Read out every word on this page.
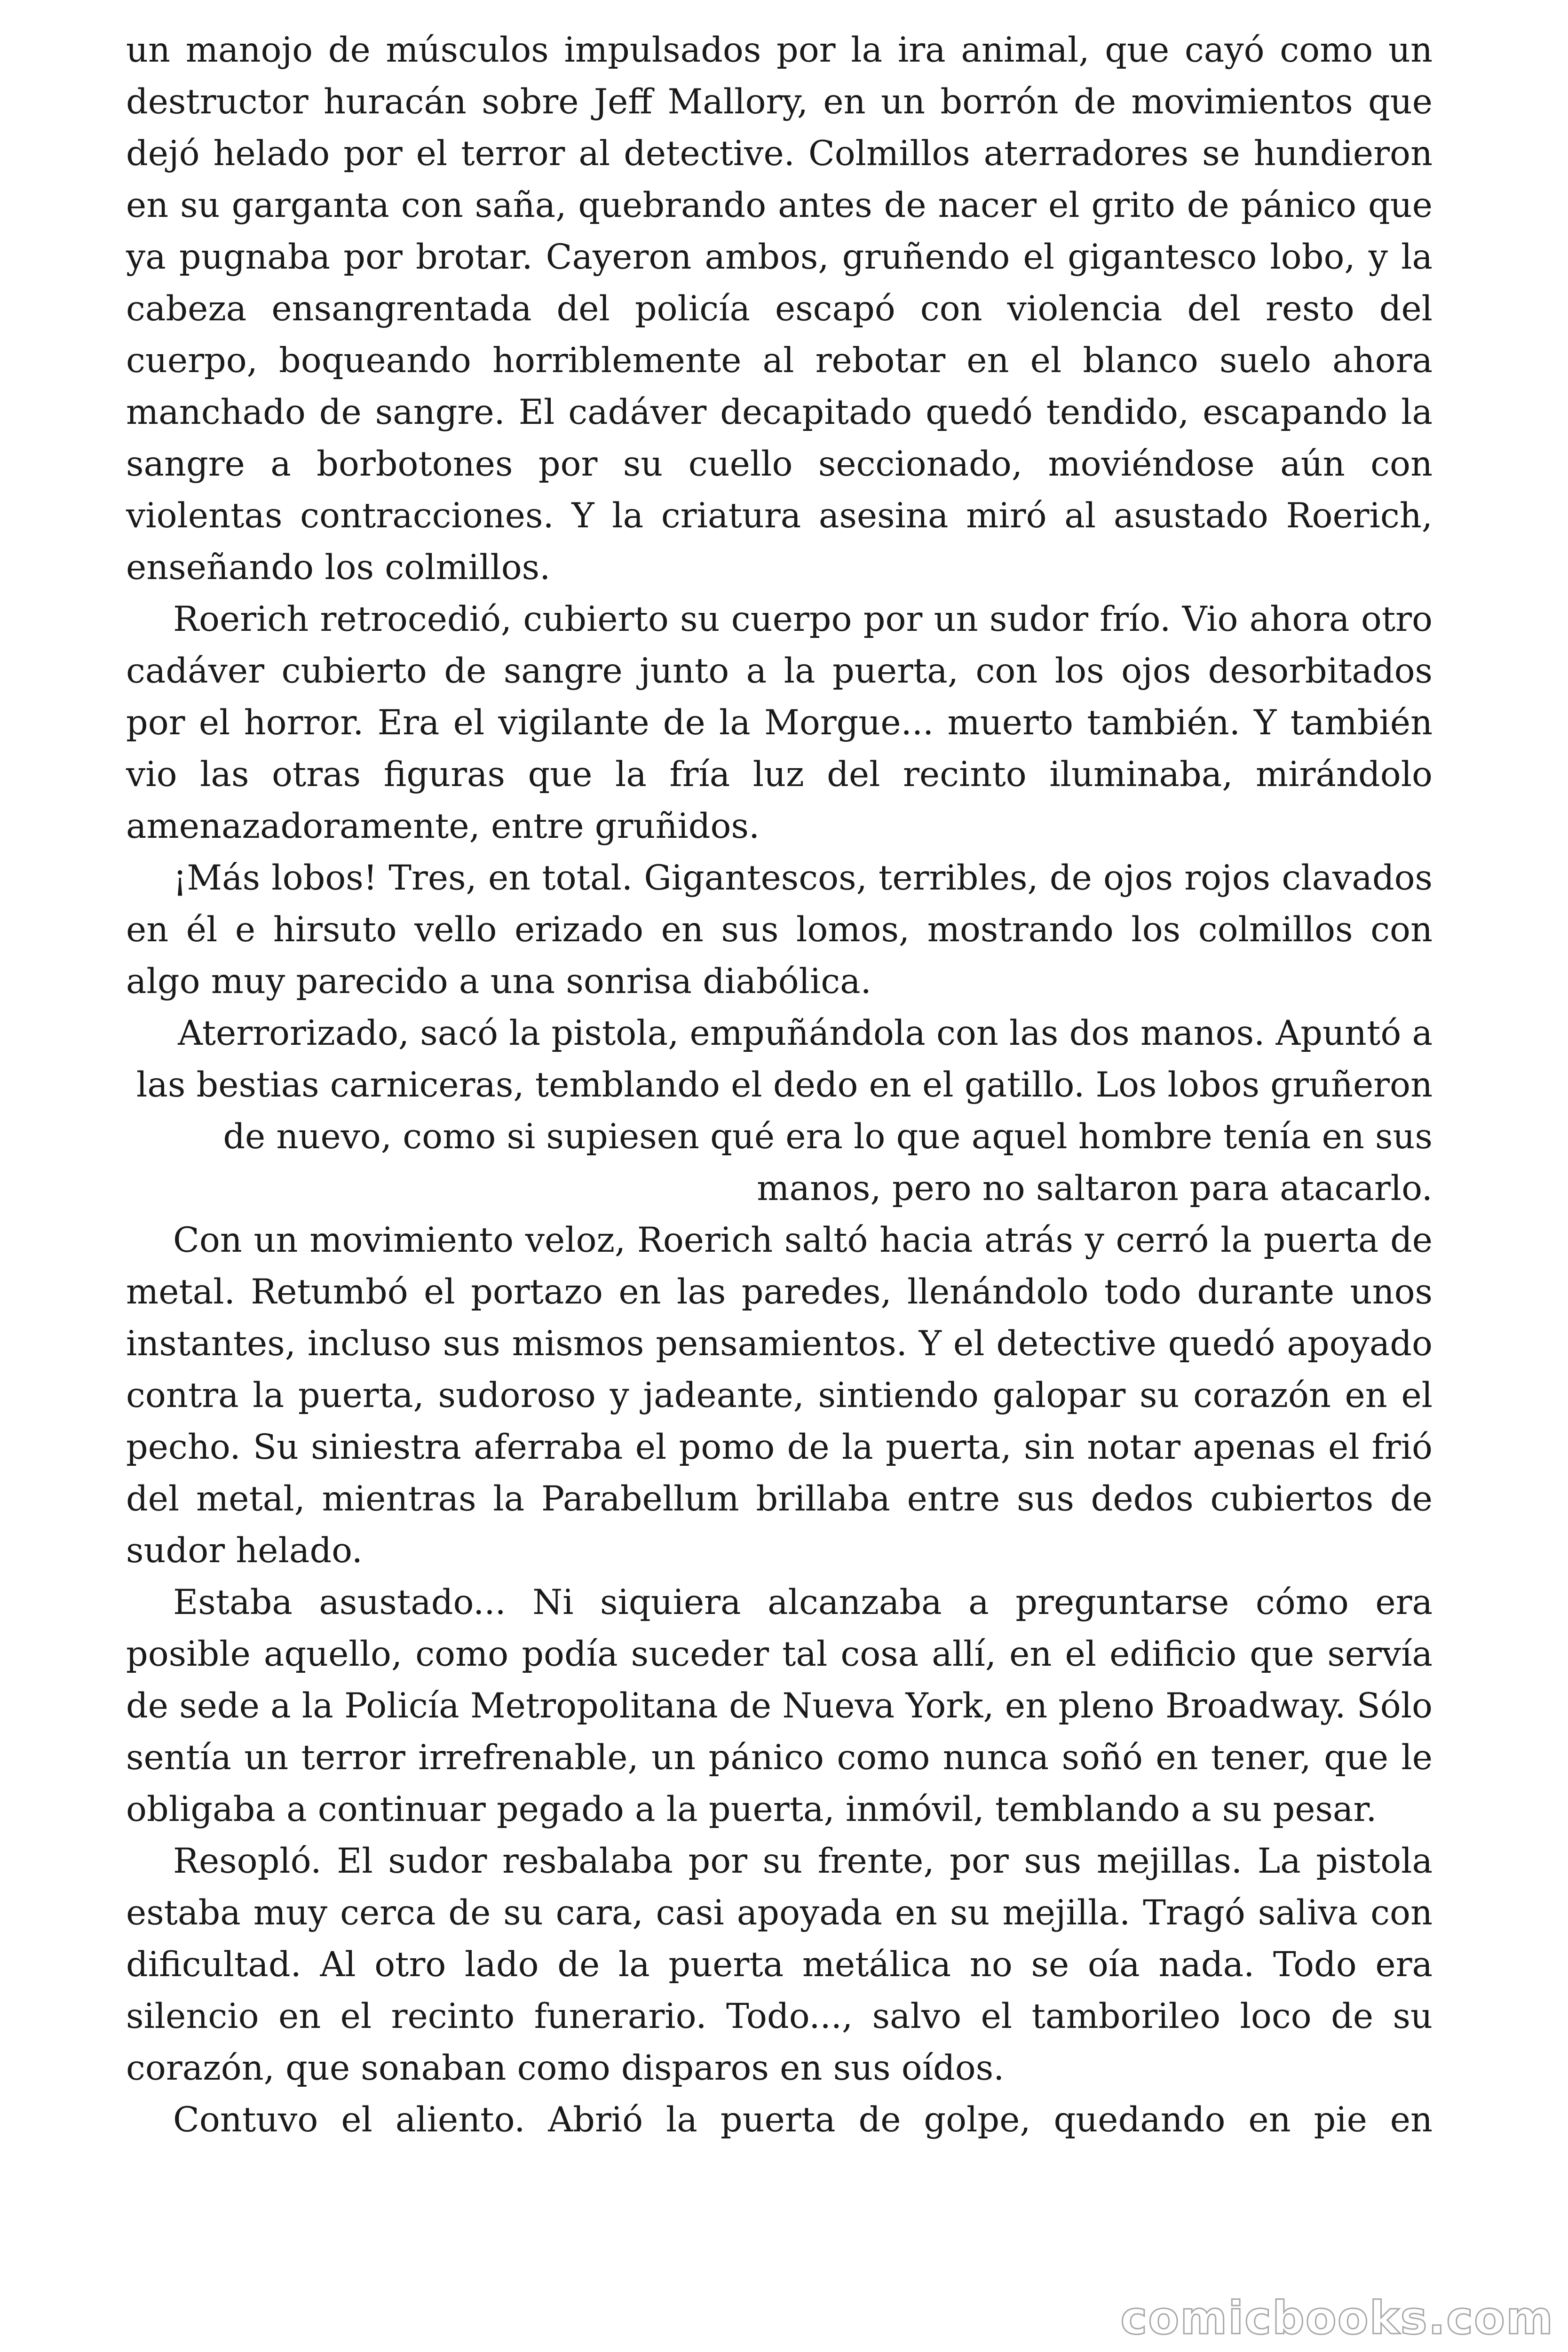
un manojo de músculos impulsados por la ira animal, que cayó como un destructor huracán sobre Jeff Mallory, en un borrón de movimientos que dejó helado por el terror al detective. Colmillos aterradores se hundieron en su garganta con saña, quebrando antes de nacer el grito de pánico que ya pugnaba por brotar. Cayeron ambos, gruñendo el gigantesco lobo, y la cabeza ensangrentada del policía escapó con violencia del resto del cuerpo, boqueando horriblemente al rebotar en el blanco suelo ahora manchado de sangre. El cadáver decapitado quedó tendido, escapando la sangre a borbotones por su cuello seccionado, moviéndose aún con violentas contracciones. Y la criatura asesina miró al asustado Roerich, enseñando los colmillos.

Roerich retrocedió, cubierto su cuerpo por un sudor frío. Vio ahora otro cadáver cubierto de sangre junto a la puerta, con los ojos desorbitados por el horror. Era el vigilante de la Morgue... muerto también. Y también vio las otras figuras que la fría luz del recinto iluminaba, mirándolo amenazadoramente, entre gruñidos.

¡Más lobos! Tres, en total. Gigantescos, terribles, de ojos rojos clavados en él e hirsuto vello erizado en sus lomos, mostrando los colmillos con algo muy parecido a una sonrisa diabólica.

Aterrorizado, sacó la pistola, empuñándola con las dos manos. Apuntó a las bestias carniceras, temblando el dedo en el gatillo. Los lobos gruñeron de nuevo, como si supiesen qué era lo que aquel hombre tenía en sus manos, pero no saltaron para atacarlo.

Con un movimiento veloz, Roerich saltó hacia atrás y cerró la puerta de metal. Retumbó el portazo en las paredes, llenándolo todo durante unos instantes, incluso sus mismos pensamientos. Y el detective quedó apoyado contra la puerta, sudoroso y jadeante, sintiendo galopar su corazón en el pecho. Su siniestra aferraba el pomo de la puerta, sin notar apenas el frió del metal, mientras la Parabellum brillaba entre sus dedos cubiertos de sudor helado.

Estaba asustado... Ni siquiera alcanzaba a preguntarse cómo era posible aquello, como podía suceder tal cosa allí, en el edificio que servía de sede a la Policía Metropolitana de Nueva York, en pleno Broadway. Sólo sentía un terror irrefrenable, un pánico como nunca soñó en tener, que le obligaba a continuar pegado a la puerta, inmóvil, temblando a su pesar.

Resopló. El sudor resbalaba por su frente, por sus mejillas. La pistola estaba muy cerca de su cara, casi apoyada en su mejilla. Tragó saliva con dificultad. Al otro lado de la puerta metálica no se oía nada. Todo era silencio en el recinto funerario. Todo..., salvo el tamborileo loco de su corazón, que sonaban como disparos en sus oídos.

Contuvo el aliento. Abrió la puerta de golpe, quedando en pie en

comicbooks.com
